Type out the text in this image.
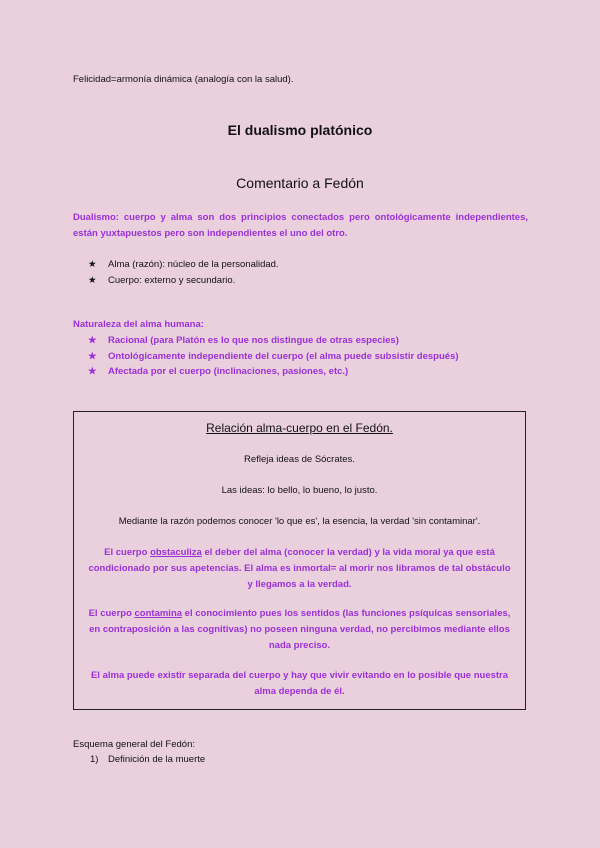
Felicidad=armonía dinámica (analogía con la salud).
El dualismo platónico
Comentario a Fedón
Dualismo: cuerpo y alma son dos principios conectados pero ontológicamente independientes, están yuxtapuestos pero son independientes el uno del otro.
★ Alma (razón): núcleo de la personalidad.
★ Cuerpo: externo y secundario.
Naturaleza del alma humana:
★ Racional (para Platón es lo que nos distingue de otras especies)
★ Ontológicamente independiente del cuerpo (el alma puede subsistir después)
★ Afectada por el cuerpo (inclinaciones, pasiones, etc.)

Relación alma-cuerpo en el Fedón.

Refleja ideas de Sócrates.

Las ideas: lo bello, lo bueno, lo justo.

Mediante la razón podemos conocer 'lo que es', la esencia, la verdad 'sin contaminar'.

El cuerpo obstaculiza el deber del alma (conocer la verdad) y la vida moral ya que está condicionado por sus apetencias. El alma es inmortal= al morir nos libramos de tal obstáculo y llegamos a la verdad.

El cuerpo contamina el conocimiento pues los sentidos (las funciones psíquicas sensoriales, en contraposición a las cognitivas) no poseen ninguna verdad, no percibimos mediante ellos nada preciso.

El alma puede existir separada del cuerpo y hay que vivir evitando en lo posible que nuestra alma dependa de él.

Esquema general del Fedón:
1) Definición de la muerte
